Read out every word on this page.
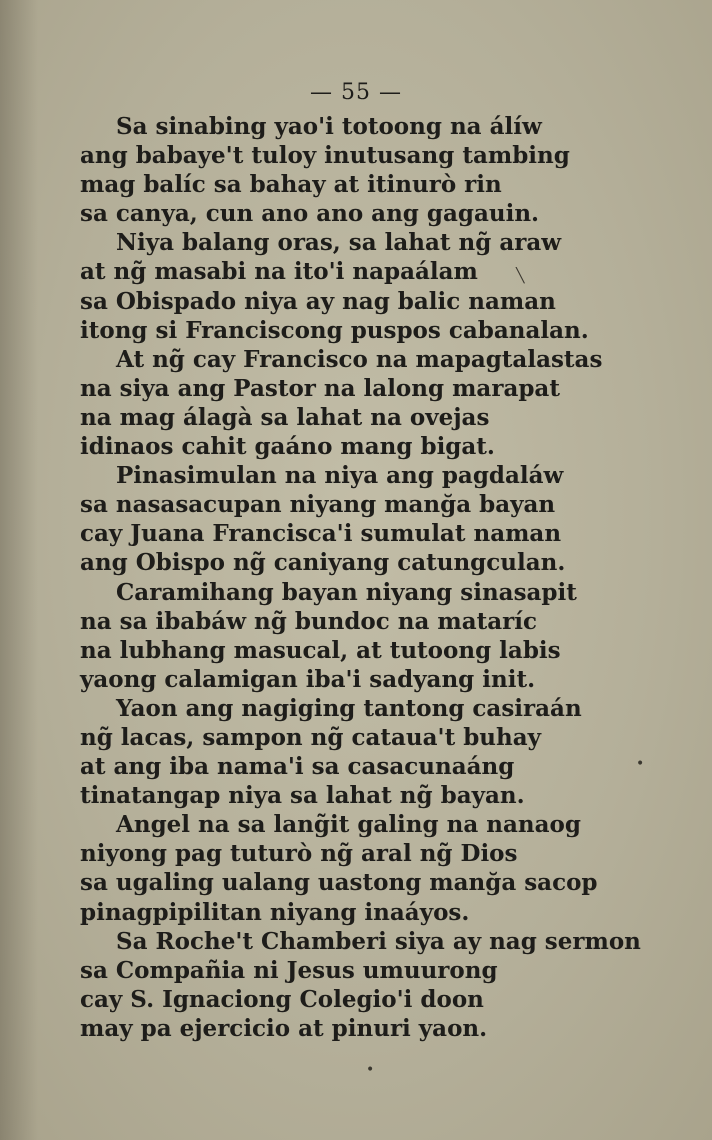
— 55 —
Sa sinabing yao'i totoong na álíw
ang babaye't tuloy inutusang tambing
mag balíc sa bahay at itinurò rin
sa canya, cun ano ano ang gagauin.
Niya balang oras, sa lahat ng̃ araw
at ng̃ masabi na ito'i napaálam
sa Obispado niya ay nag balic naman
itong si Franciscong puspos cabanalan.
At ng̃ cay Francisco na mapagtalastas
na siya ang Pastor na lalong marapat
na mag álagà sa lahat na ovejas
idinaos cahit gaáno mang bigat.
Pinasimulan na niya ang pagdaláw
sa nasasacupan niyang manğa bayan
cay Juana Francisca'i sumulat naman
ang Obispo ng̃ caniyang catungculan.
Caramihang bayan niyang sinasapit
na sa ibabáw ng̃ bundoc na mataríc
na lubhang masucal, at tutoong labis
yaong calamigan iba'i sadyang init.
Yaon ang nagiging tantong casiraán
ng̃ lacas, sampon ng̃ cataua't buhay
at ang iba nama'i sa casacunaáng
tinatangap niya sa lahat ng̃ bayan.
Angel na sa lang̃it galing na nanaog
niyong pag tuturò ng̃ aral ng̃ Dios
sa ugaling ualang uastong manğa sacop
pinagpipilitan niyang inaáyos.
Sa Roche't Chamberi siya ay nag sermon
sa Compañia ni Jesus umuurong
cay S. Ignaciong Colegio'i doon
may pa ejercicio at pinuri yaon.
╲
•
•
